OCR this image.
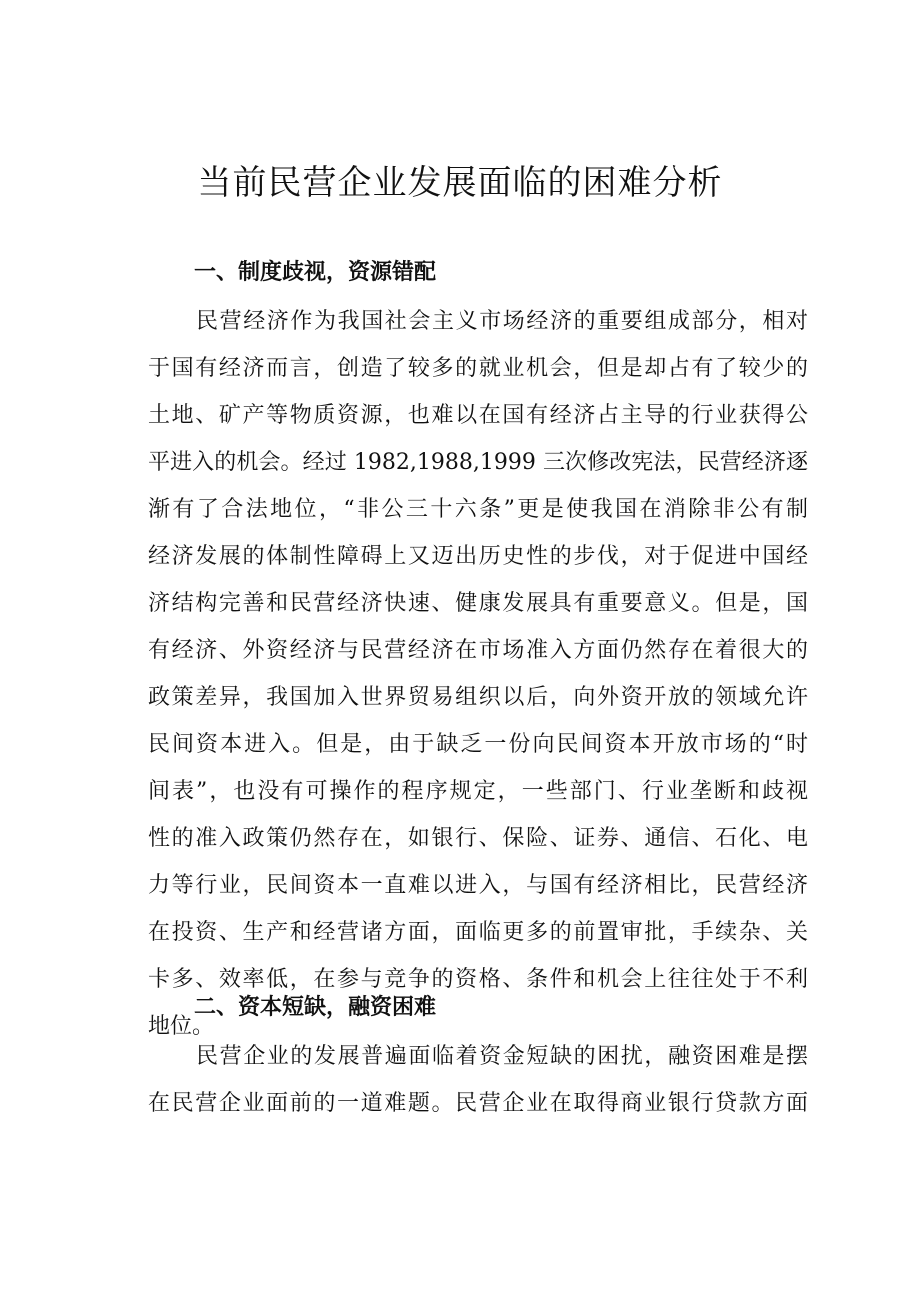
当前民营企业发展面临的困难分析
一、制度歧视，资源错配
民营经济作为我国社会主义市场经济的重要组成部分，相对
于国有经济而言，创造了较多的就业机会，但是却占有了较少的
土地、矿产等物质资源，也难以在国有经济占主导的行业获得公
平进入的机会。经过 1982,1988,1999 三次修改宪法，民营经济逐
渐有了合法地位，“非公三十六条”更是使我国在消除非公有制
经济发展的体制性障碍上又迈出历史性的步伐，对于促进中国经
济结构完善和民营经济快速、健康发展具有重要意义。但是，国
有经济、外资经济与民营经济在市场准入方面仍然存在着很大的
政策差异，我国加入世界贸易组织以后，向外资开放的领域允许
民间资本进入。但是，由于缺乏一份向民间资本开放市场的“时
间表”，也没有可操作的程序规定，一些部门、行业垄断和歧视
性的准入政策仍然存在，如银行、保险、证券、通信、石化、电
力等行业，民间资本一直难以进入，与国有经济相比，民营经济
在投资、生产和经营诸方面，面临更多的前置审批，手续杂、关
卡多、效率低，在参与竞争的资格、条件和机会上往往处于不利
地位。
二、资本短缺，融资困难
民营企业的发展普遍面临着资金短缺的困扰，融资困难是摆
在民营企业面前的一道难题。民营企业在取得商业银行贷款方面
